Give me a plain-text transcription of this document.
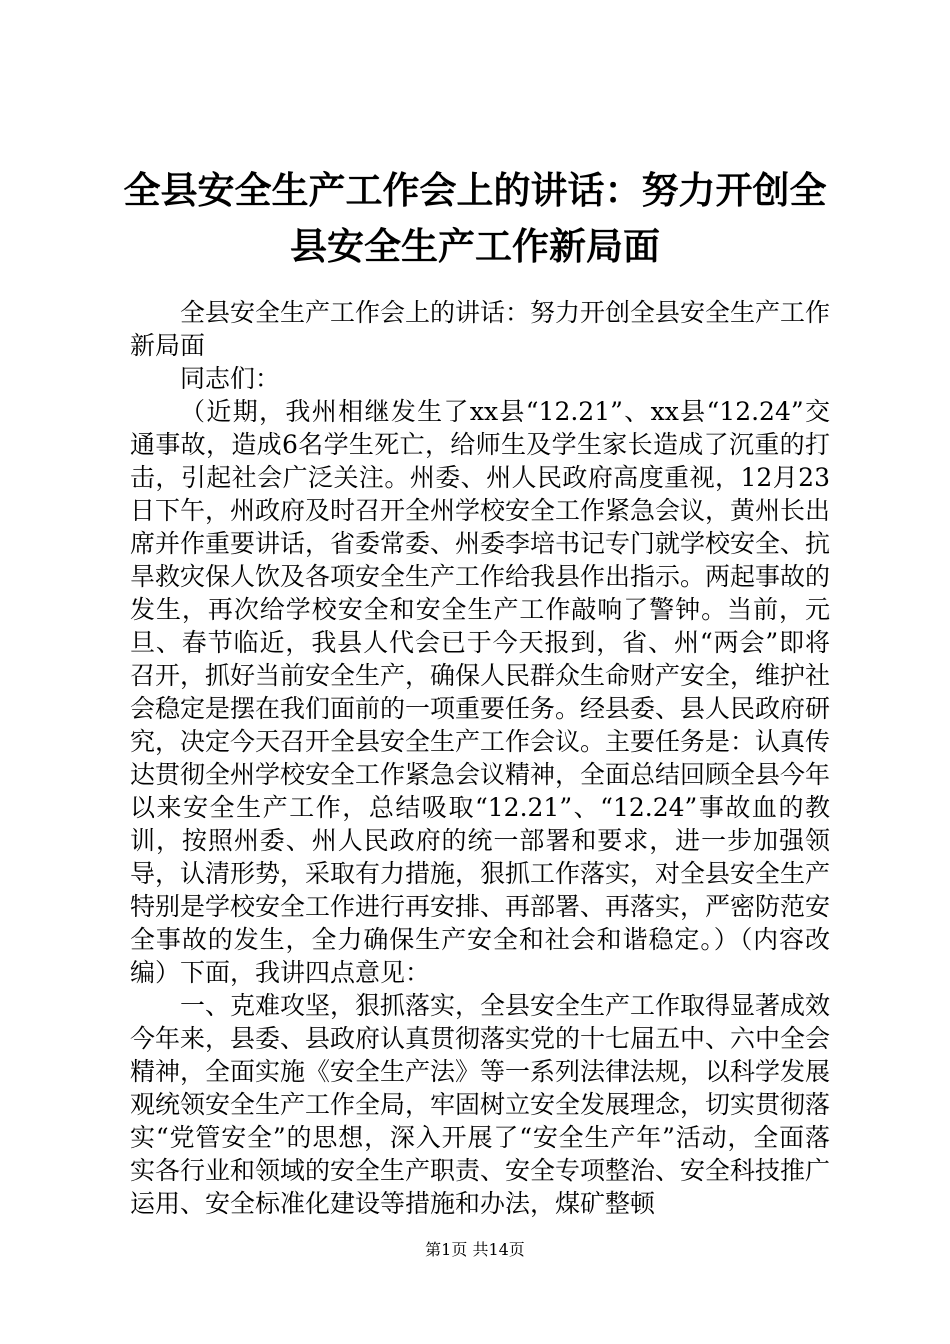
全县安全生产工作会上的讲话：努力开创全县安全生产工作新局面

全县安全生产工作会上的讲话：努力开创全县安全生产工作新局面

同志们：

（近期，我州相继发生了xx县“12.21”、xx县“12.24”交通事故，造成6名学生死亡，给师生及学生家长造成了沉重的打击，引起社会广泛关注。州委、州人民政府高度重视，12月23日下午，州政府及时召开全州学校安全工作紧急会议，黄州长出席并作重要讲话，省委常委、州委李培书记专门就学校安全、抗旱救灾保人饮及各项安全生产工作给我县作出指示。两起事故的发生，再次给学校安全和安全生产工作敲响了警钟。当前，元旦、春节临近，我县人代会已于今天报到，省、州“两会”即将召开，抓好当前安全生产，确保人民群众生命财产安全，维护社会稳定是摆在我们面前的一项重要任务。经县委、县人民政府研究，决定今天召开全县安全生产工作会议。主要任务是：认真传达贯彻全州学校安全工作紧急会议精神，全面总结回顾全县今年以来安全生产工作，总结吸取“12.21”、“12.24”事故血的教训，按照州委、州人民政府的统一部署和要求，进一步加强领导，认清形势，采取有力措施，狠抓工作落实，对全县安全生产特别是学校安全工作进行再安排、再部署、再落实，严密防范安全事故的发生，全力确保生产安全和社会和谐稳定。）（内容改编）下面，我讲四点意见：

一、克难攻坚，狠抓落实，全县安全生产工作取得显著成效今年来，县委、县政府认真贯彻落实党的十七届五中、六中全会精神，全面实施《安全生产法》等一系列法律法规，以科学发展观统领安全生产工作全局，牢固树立安全发展理念，切实贯彻落实“党管安全”的思想，深入开展了“安全生产年”活动，全面落实各行业和领域的安全生产职责、安全专项整治、安全科技推广运用、安全标准化建设等措施和办法，煤矿整顿

第1页 共14页
